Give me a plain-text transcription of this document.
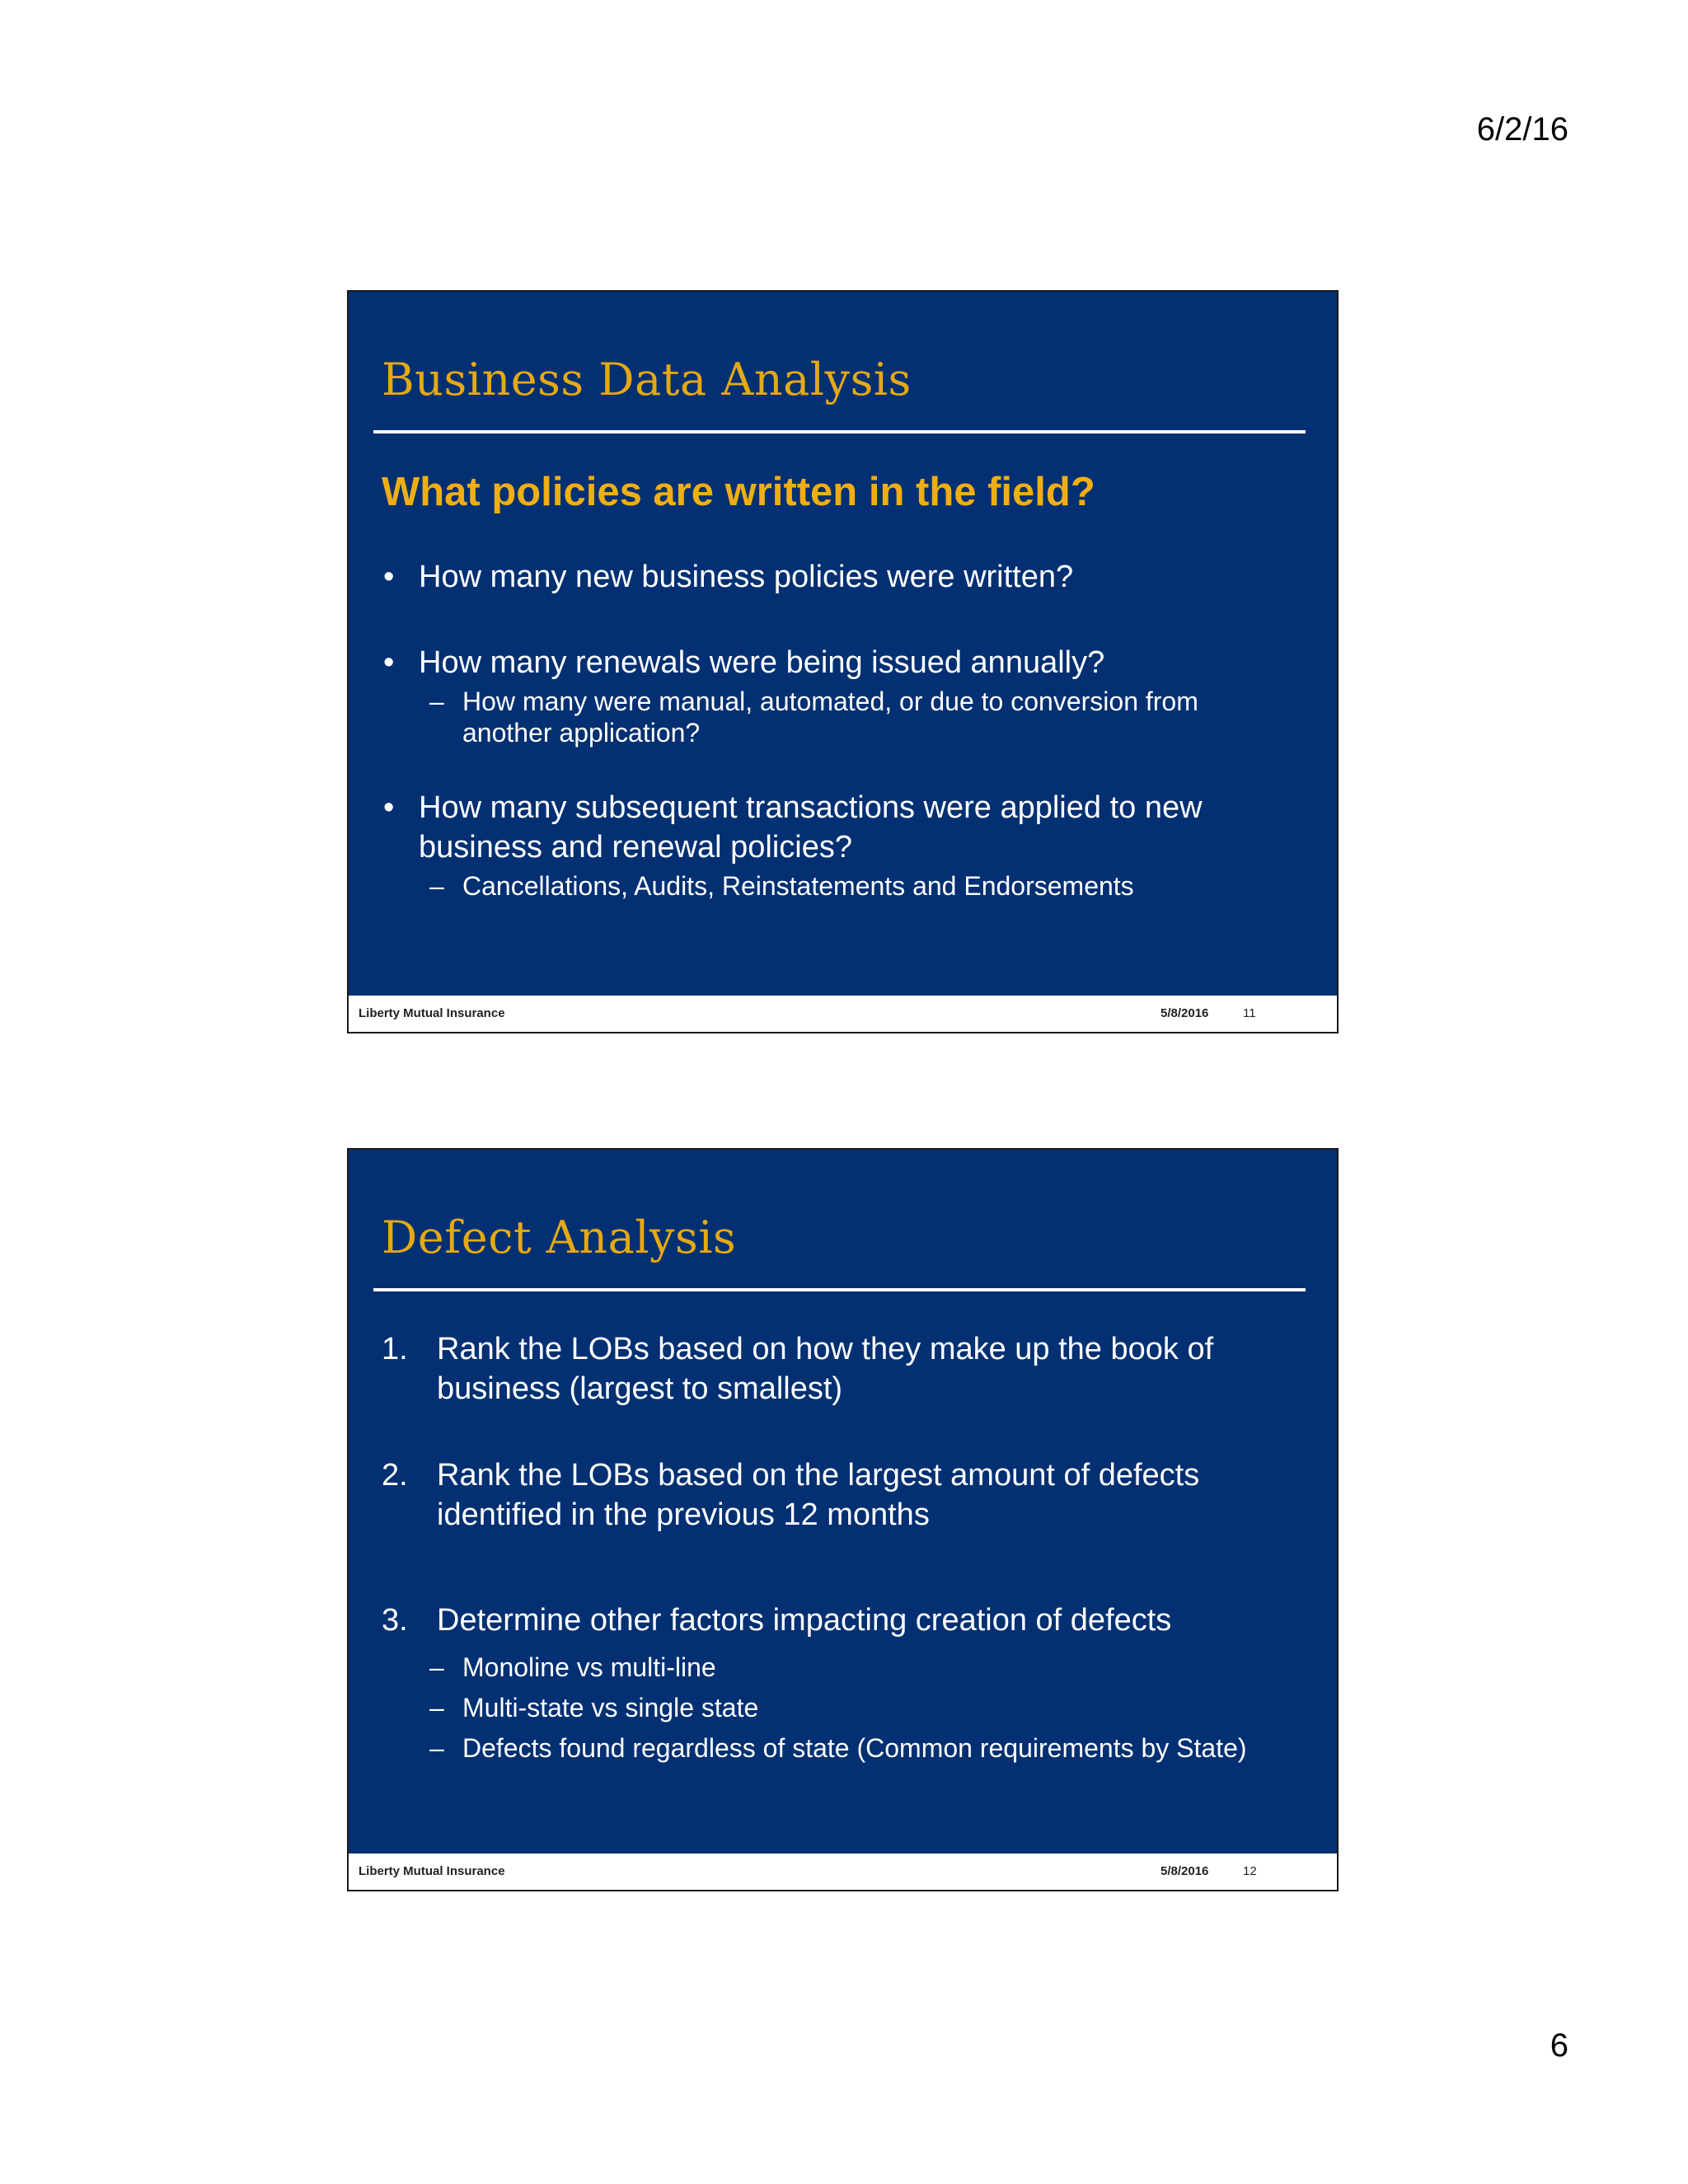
6/2/16
Business Data Analysis
What policies are written in the field?
• How many new business policies were written?
• How many renewals were being issued annually?
– How many were manual, automated, or due to conversion from another application?
• How many subsequent transactions were applied to new business and renewal policies?
– Cancellations, Audits, Reinstatements and Endorsements
Liberty Mutual Insurance	5/8/2016	11
Defect Analysis
1. Rank the LOBs based on how they make up the book of business (largest to smallest)
2. Rank the LOBs based on the largest amount of defects identified in the previous 12 months
3. Determine other factors impacting creation of defects
– Monoline vs multi-line
– Multi-state vs single state
– Defects found regardless of state (Common requirements by State)
Liberty Mutual Insurance	5/8/2016	12
6
